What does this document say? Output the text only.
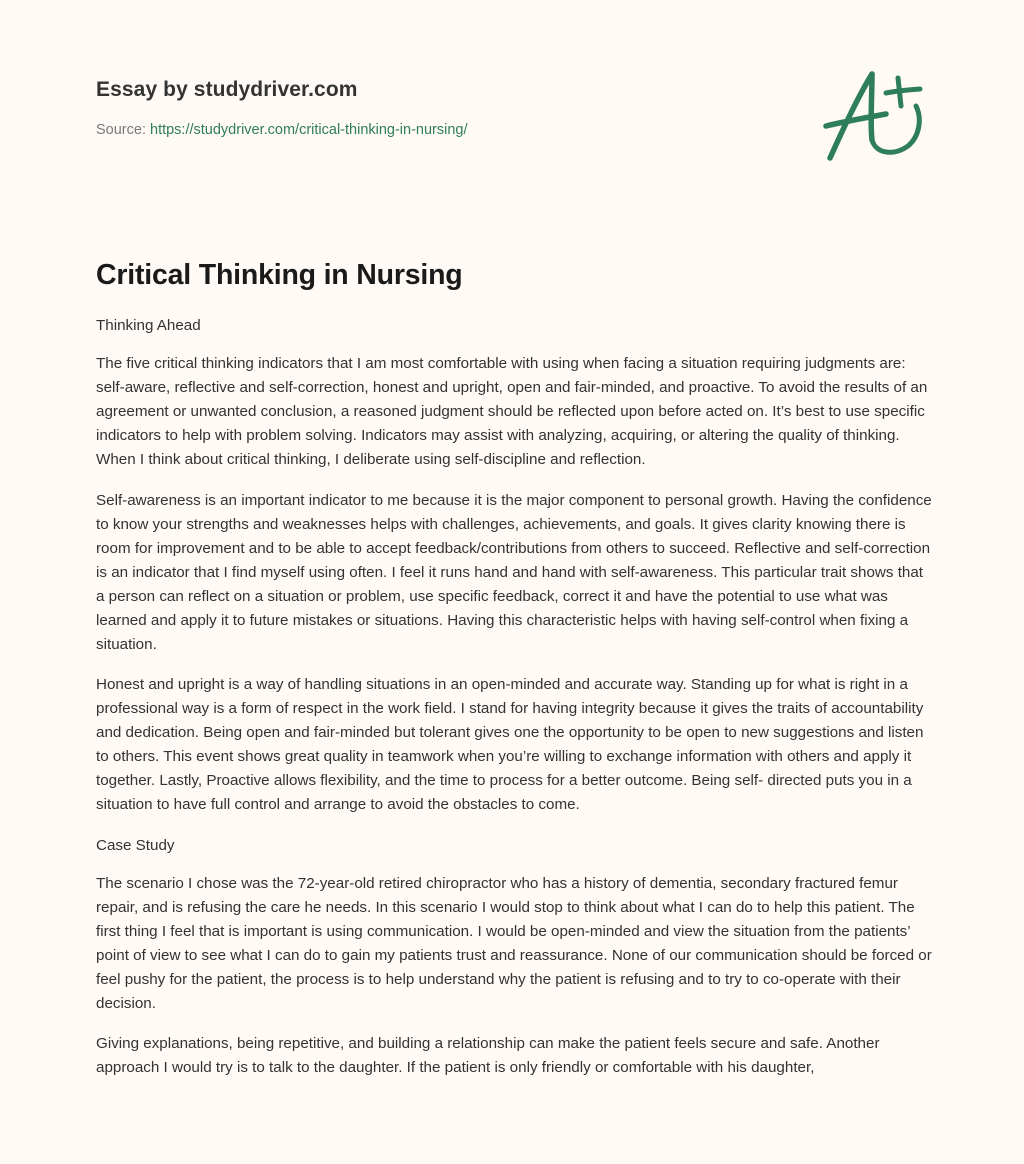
Essay by studydriver.com
Source: https://studydriver.com/critical-thinking-in-nursing/
Critical Thinking in Nursing
Thinking Ahead

The five critical thinking indicators that I am most comfortable with using when facing a situation requiring judgments are: self-aware, reflective and self-correction, honest and upright, open and fair-minded, and proactive. To avoid the results of an agreement or unwanted conclusion, a reasoned judgment should be reflected upon before acted on. It’s best to use specific indicators to help with problem solving. Indicators may assist with analyzing, acquiring, or altering the quality of thinking. When I think about critical thinking, I deliberate using self-discipline and reflection.

Self-awareness is an important indicator to me because it is the major component to personal growth. Having the confidence to know your strengths and weaknesses helps with challenges, achievements, and goals. It gives clarity knowing there is room for improvement and to be able to accept feedback/contributions from others to succeed. Reflective and self-correction is an indicator that I find myself using often. I feel it runs hand and hand with self-awareness. This particular trait shows that a person can reflect on a situation or problem, use specific feedback, correct it and have the potential to use what was learned and apply it to future mistakes or situations. Having this characteristic helps with having self-control when fixing a situation.

Honest and upright is a way of handling situations in an open-minded and accurate way. Standing up for what is right in a professional way is a form of respect in the work field. I stand for having integrity because it gives the traits of accountability and dedication. Being open and fair-minded but tolerant gives one the opportunity to be open to new suggestions and listen to others. This event shows great quality in teamwork when you’re willing to exchange information with others and apply it together. Lastly, Proactive allows flexibility, and the time to process for a better outcome. Being self- directed puts you in a situation to have full control and arrange to avoid the obstacles to come.

Case Study

The scenario I chose was the 72-year-old retired chiropractor who has a history of dementia, secondary fractured femur repair, and is refusing the care he needs. In this scenario I would stop to think about what I can do to help this patient. The first thing I feel that is important is using communication. I would be open-minded and view the situation from the patients’ point of view to see what I can do to gain my patients trust and reassurance. None of our communication should be forced or feel pushy for the patient, the process is to help understand why the patient is refusing and to try to co-operate with their decision.

Giving explanations, being repetitive, and building a relationship can make the patient feels secure and safe. Another approach I would try is to talk to the daughter. If the patient is only friendly or comfortable with his daughter,
